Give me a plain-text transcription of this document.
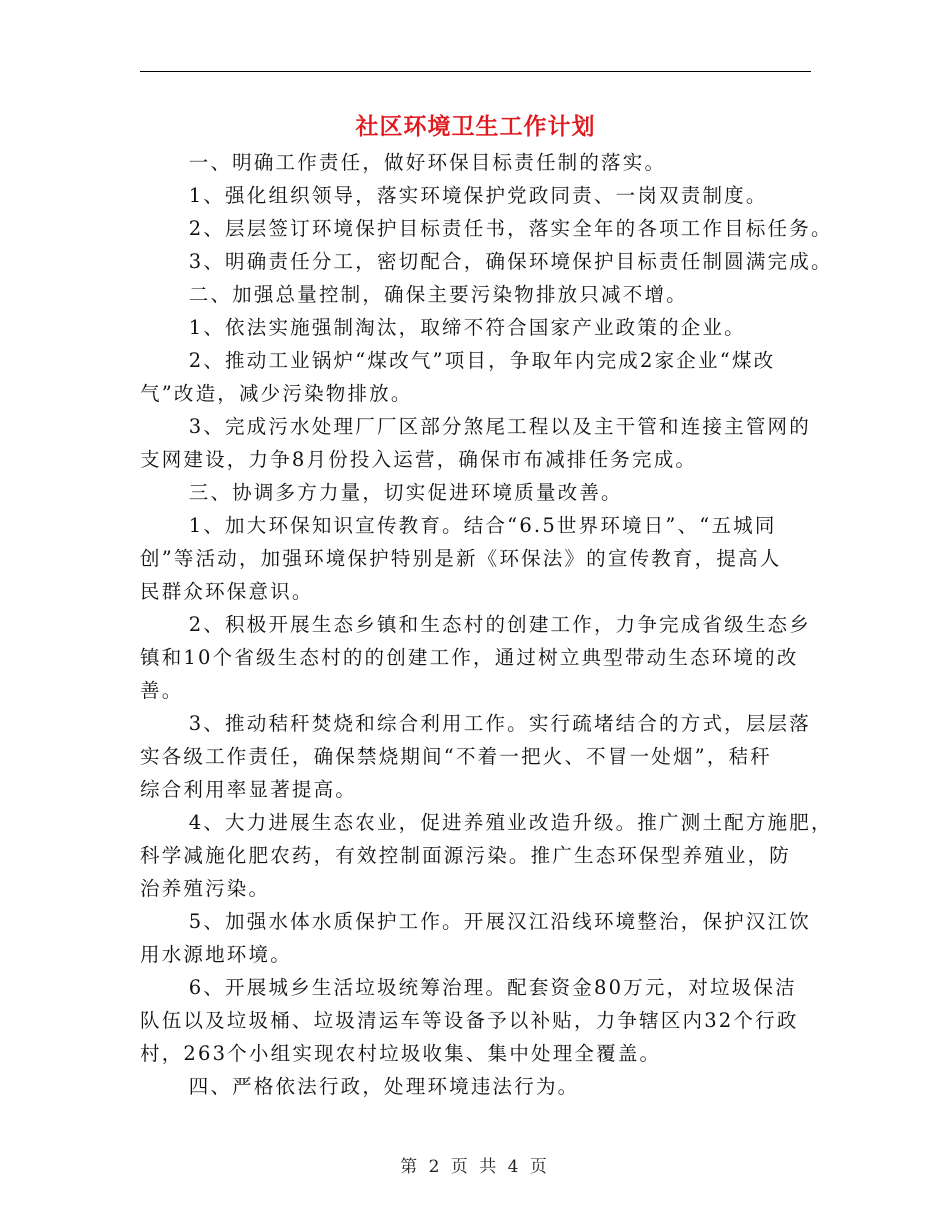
社区环境卫生工作计划

一、明确工作责任，做好环保目标责任制的落实。

1、强化组织领导，落实环境保护党政同责、一岗双责制度。

2、层层签订环境保护目标责任书，落实全年的各项工作目标任务。

3、明确责任分工，密切配合，确保环境保护目标责任制圆满完成。

二、加强总量控制，确保主要污染物排放只减不增。

1、依法实施强制淘汰，取缔不符合国家产业政策的企业。

2、推动工业锅炉“煤改气”项目，争取年内完成2家企业“煤改
气”改造，减少污染物排放。

3、完成污水处理厂厂区部分煞尾工程以及主干管和连接主管网的
支网建设，力争8月份投入运营，确保市布减排任务完成。

三、协调多方力量，切实促进环境质量改善。

1、加大环保知识宣传教育。结合“6.5世界环境日”、“五城同
创”等活动，加强环境保护特别是新《环保法》的宣传教育，提高人
民群众环保意识。

2、积极开展生态乡镇和生态村的创建工作，力争完成省级生态乡
镇和10个省级生态村的的创建工作，通过树立典型带动生态环境的改
善。

3、推动秸秆焚烧和综合利用工作。实行疏堵结合的方式，层层落
实各级工作责任，确保禁烧期间“不着一把火、不冒一处烟”，秸秆
综合利用率显著提高。

4、大力进展生态农业，促进养殖业改造升级。推广测土配方施肥，
科学减施化肥农药，有效控制面源污染。推广生态环保型养殖业，防
治养殖污染。

5、加强水体水质保护工作。开展汉江沿线环境整治，保护汉江饮
用水源地环境。

6、开展城乡生活垃圾统筹治理。配套资金80万元，对垃圾保洁
队伍以及垃圾桶、垃圾清运车等设备予以补贴，力争辖区内32个行政
村，263个小组实现农村垃圾收集、集中处理全覆盖。

四、严格依法行政，处理环境违法行为。

第 2 页 共 4 页
